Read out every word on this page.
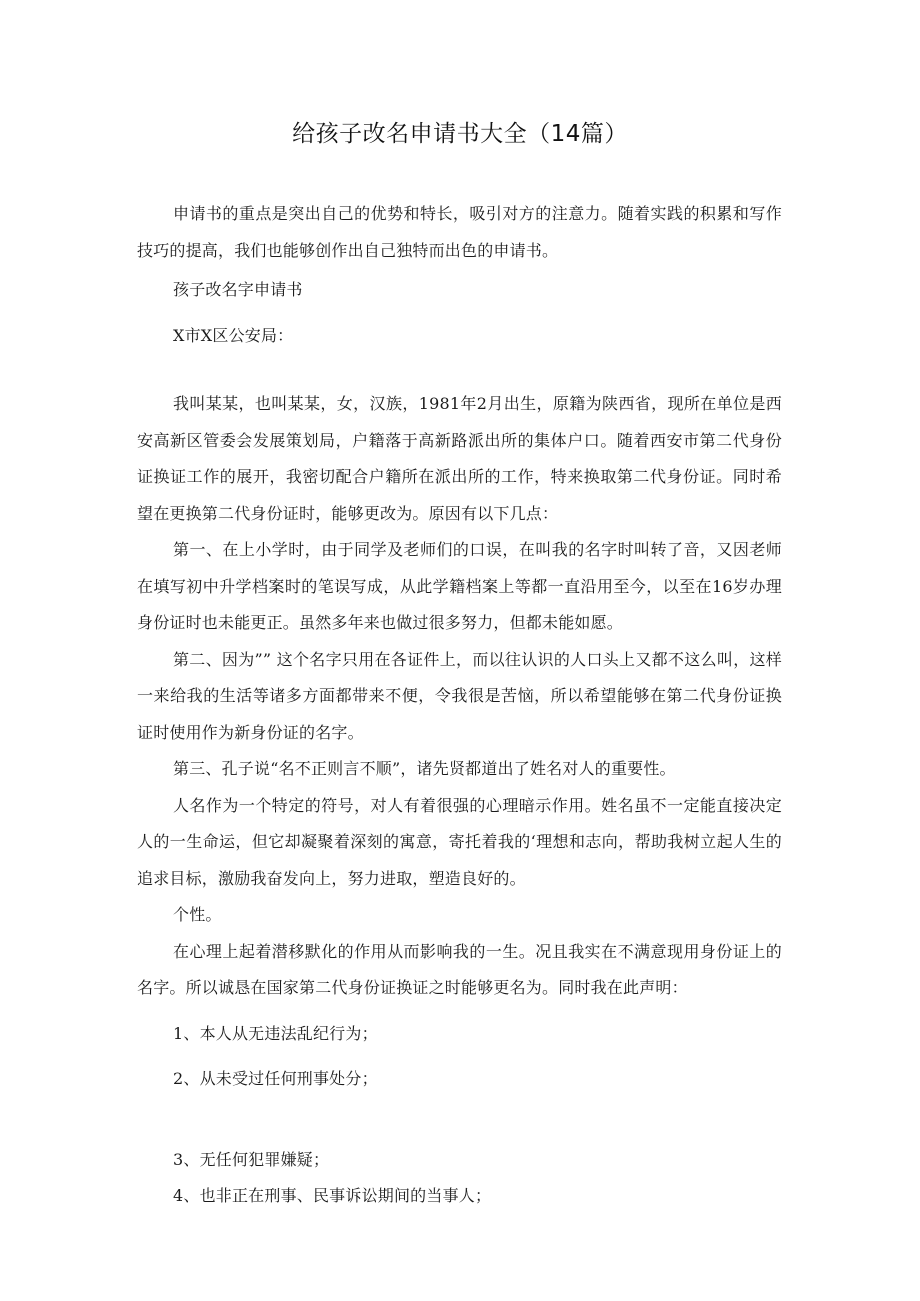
给孩子改名申请书大全（14篇）

申请书的重点是突出自己的优势和特长，吸引对方的注意力。随着实践的积累和写作技巧的提高，我们也能够创作出自己独特而出色的申请书。

孩子改名字申请书

X市X区公安局：

我叫某某，也叫某某，女，汉族，1981年2月出生，原籍为陕西省，现所在单位是西安高新区管委会发展策划局，户籍落于高新路派出所的集体户口。随着西安市第二代身份证换证工作的展开，我密切配合户籍所在派出所的工作，特来换取第二代身份证。同时希望在更换第二代身份证时，能够更改为。原因有以下几点：

第一、在上小学时，由于同学及老师们的口误，在叫我的名字时叫转了音，又因老师在填写初中升学档案时的笔误写成，从此学籍档案上等都一直沿用至今，以至在16岁办理身份证时也未能更正。虽然多年来也做过很多努力，但都未能如愿。

第二、因为”” 这个名字只用在各证件上，而以往认识的人口头上又都不这么叫，这样一来给我的生活等诸多方面都带来不便，令我很是苦恼，所以希望能够在第二代身份证换证时使用作为新身份证的名字。

第三、孔子说“名不正则言不顺”，诸先贤都道出了姓名对人的重要性。

人名作为一个特定的符号，对人有着很强的心理暗示作用。姓名虽不一定能直接决定人的一生命运，但它却凝聚着深刻的寓意，寄托着我的‘理想和志向，帮助我树立起人生的追求目标，激励我奋发向上，努力进取，塑造良好的。

个性。

在心理上起着潜移默化的作用从而影响我的一生。况且我实在不满意现用身份证上的名字。所以诚恳在国家第二代身份证换证之时能够更名为。同时我在此声明：

1、本人从无违法乱纪行为；

2、从未受过任何刑事处分；

3、无任何犯罪嫌疑；

4、也非正在刑事、民事诉讼期间的当事人；
